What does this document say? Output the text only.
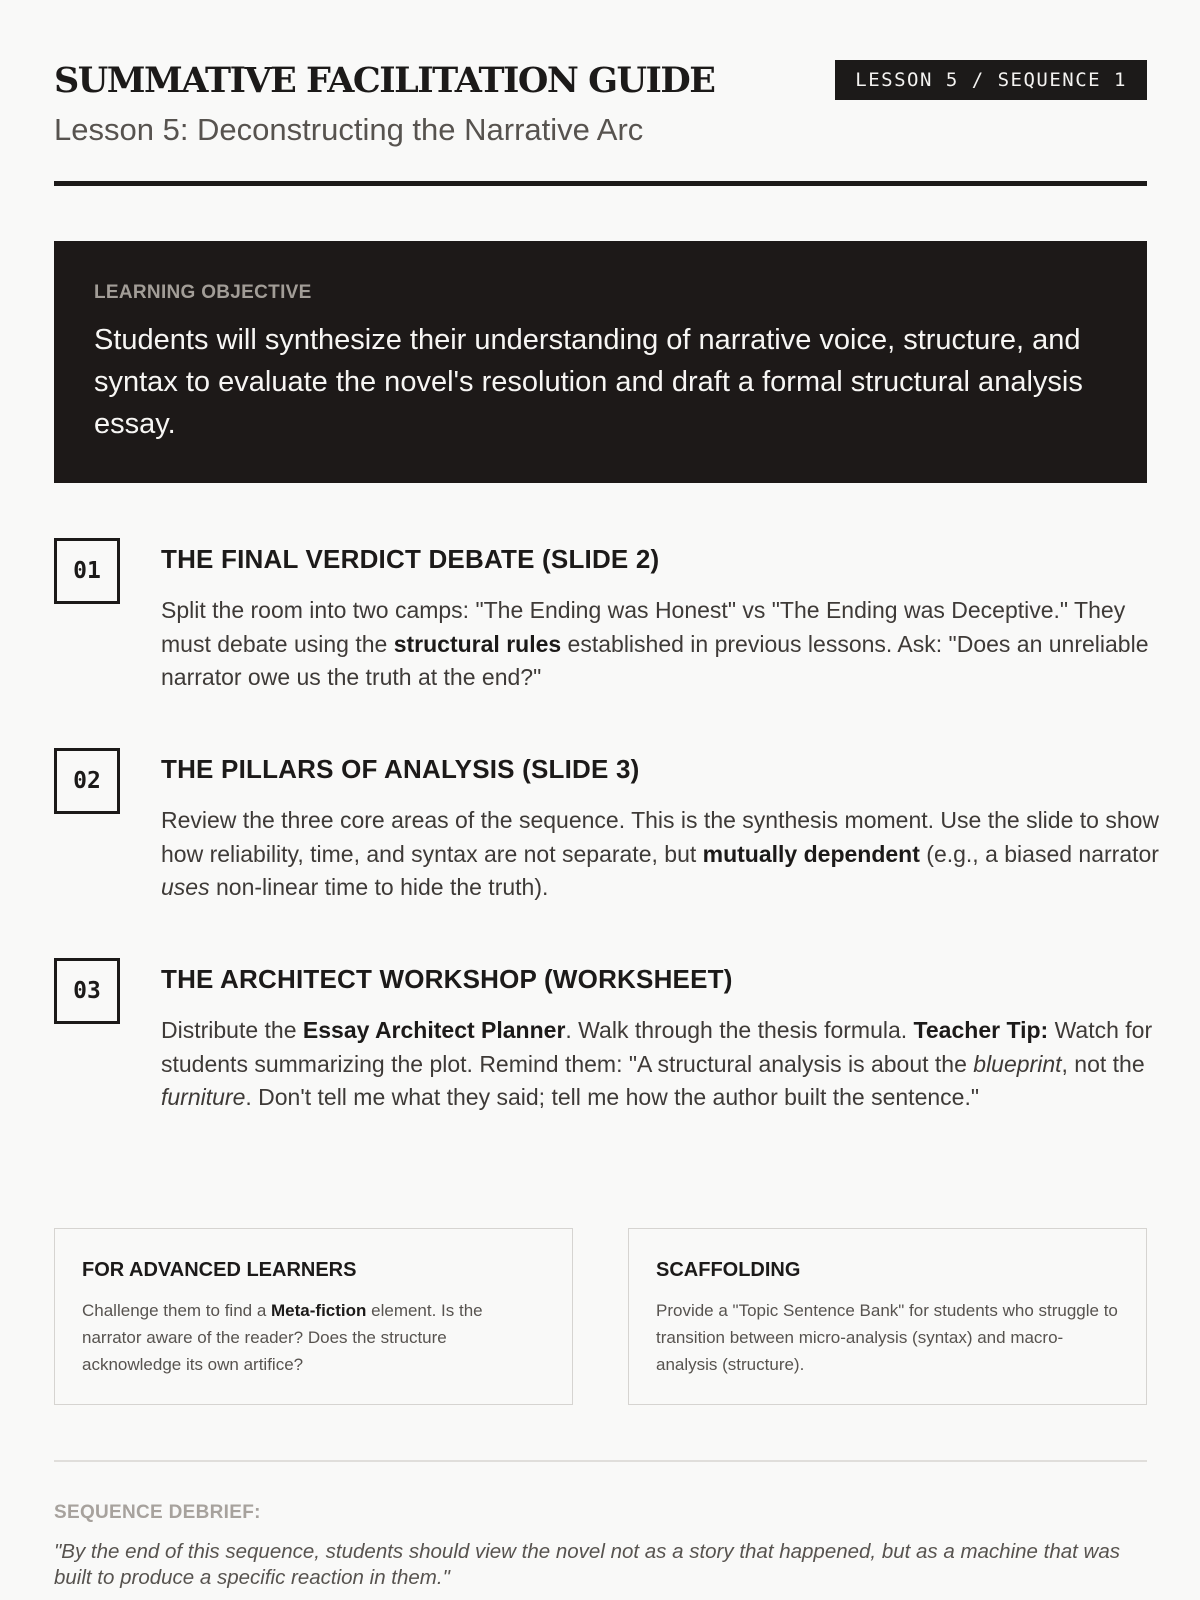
SUMMATIVE FACILITATION GUIDE	LESSON 5 / SEQUENCE 1
Lesson 5: Deconstructing the Narrative Arc
LEARNING OBJECTIVE
Students will synthesize their understanding of narrative voice, structure, and syntax to evaluate the novel's resolution and draft a formal structural analysis essay.
01	THE FINAL VERDICT DEBATE (SLIDE 2)

Split the room into two camps: "The Ending was Honest" vs "The Ending was Deceptive." They must debate using the structural rules established in previous lessons. Ask: "Does an unreliable narrator owe us the truth at the end?"

02	THE PILLARS OF ANALYSIS (SLIDE 3)

Review the three core areas of the sequence. This is the synthesis moment. Use the slide to show how reliability, time, and syntax are not separate, but mutually dependent (e.g., a biased narrator uses non-linear time to hide the truth).

03	THE ARCHITECT WORKSHOP (WORKSHEET)

Distribute the Essay Architect Planner. Walk through the thesis formula. Teacher Tip: Watch for students summarizing the plot. Remind them: "A structural analysis is about the blueprint, not the furniture. Don't tell me what they said; tell me how the author built the sentence."

FOR ADVANCED LEARNERS
Challenge them to find a Meta-fiction element. Is the narrator aware of the reader? Does the structure acknowledge its own artifice?
SCAFFOLDING
Provide a "Topic Sentence Bank" for students who struggle to transition between micro-analysis (syntax) and macro-analysis (structure).
SEQUENCE DEBRIEF:
"By the end of this sequence, students should view the novel not as a story that happened, but as a machine that was built to produce a specific reaction in them."
